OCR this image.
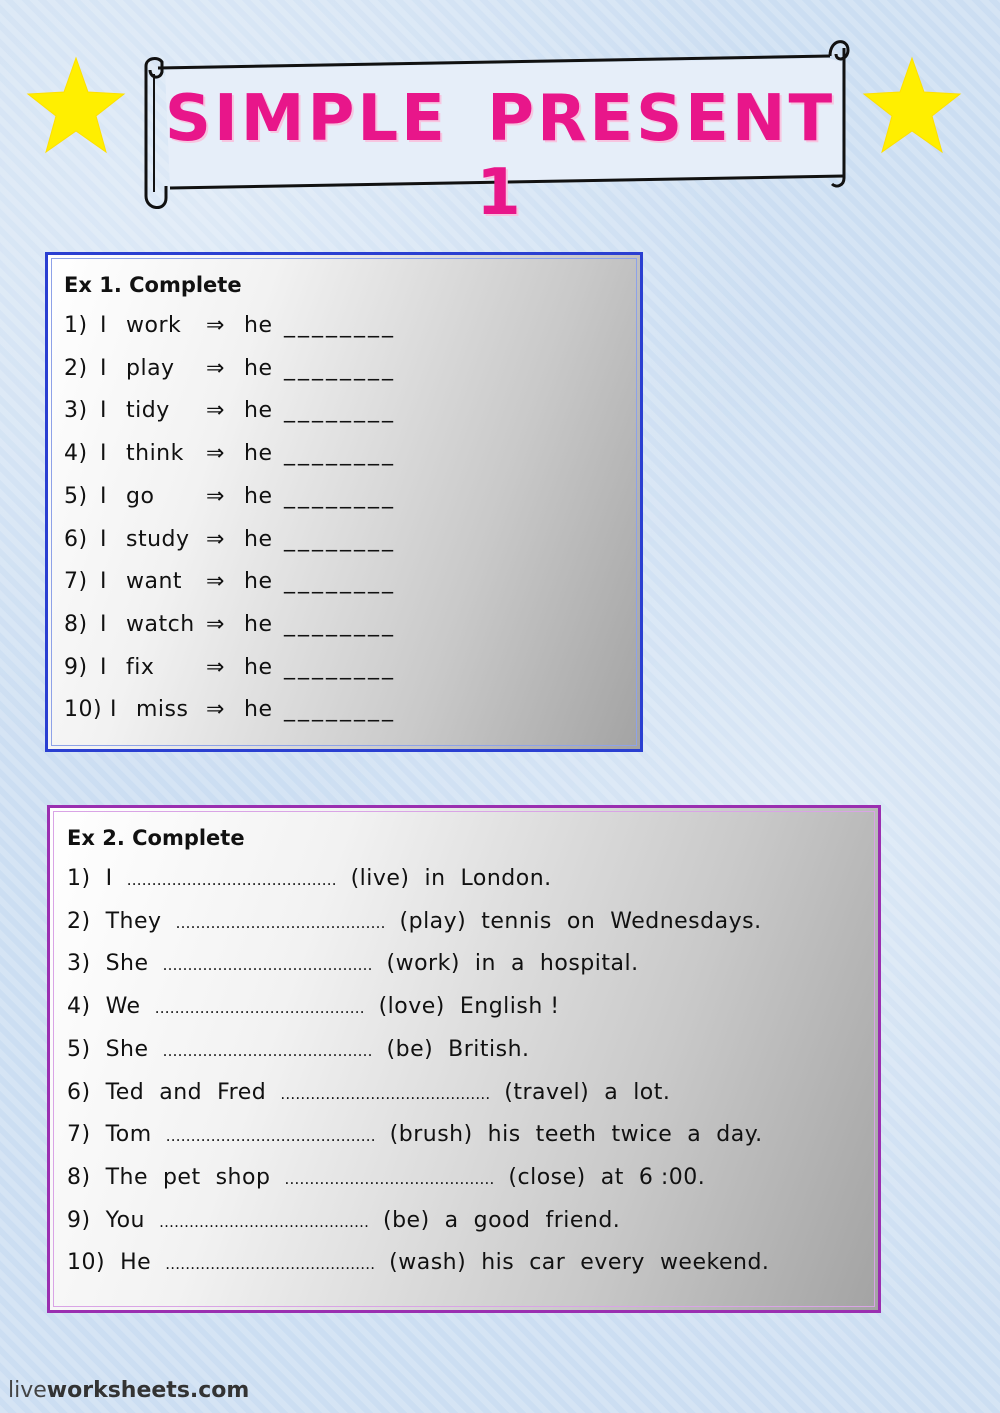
SIMPLE PRESENT 1
Ex 1. Complete
1) I work ⇒ he ________
2) I play ⇒ he ________
3) I tidy ⇒ he ________
4) I think ⇒ he ________
5) I go ⇒ he ________
6) I study ⇒ he ________
7) I want ⇒ he ________
8) I watch ⇒ he ________
9) I fix ⇒ he ________
10) I miss ⇒ he ________
Ex 2. Complete
1)  I …………………………………… (live)  in  London.
2)  They …………………………………… (play)  tennis  on  Wednesdays.
3)  She …………………………………… (work)  in  a  hospital.
4)  We …………………………………… (love)  English !
5)  She …………………………………… (be)  British.
6)  Ted  and  Fred …………………………………… (travel)  a  lot.
7)  Tom …………………………………… (brush)  his  teeth  twice  a  day.
8)  The  pet  shop …………………………………… (close)  at  6 :00.
9)  You …………………………………… (be)  a  good  friend.
10)  He …………………………………… (wash)  his  car  every  weekend.
liveworksheets.com
